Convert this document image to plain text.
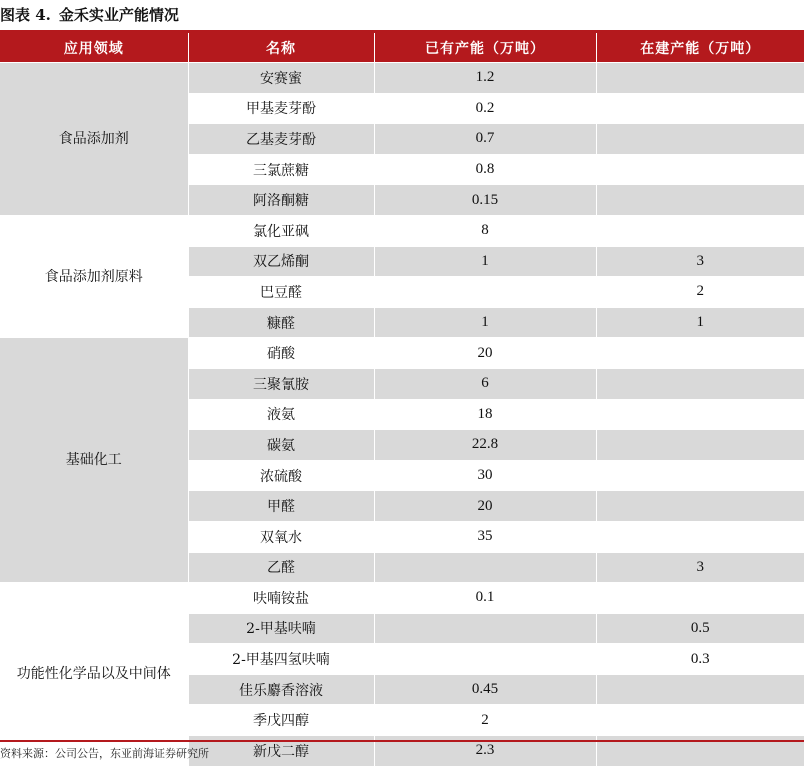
图表 4. 金禾实业产能情况
应用领域	名称	已有产能（万吨）	在建产能（万吨）
食品添加剂	安赛蜜	1.2	
	甲基麦芽酚	0.2	
	乙基麦芽酚	0.7	
	三氯蔗糖	0.8	
	阿洛酮糖	0.15	
食品添加剂原料	氯化亚砜	8	
	双乙烯酮	1	3
	巴豆醛		2
	糠醛	1	1
基础化工	硝酸	20	
	三聚氰胺	6	
	液氨	18	
	碳氨	22.8	
	浓硫酸	30	
	甲醛	20	
	双氧水	35	
	乙醛		3
功能性化学品以及中间体	呋喃铵盐	0.1	
	2-甲基呋喃		0.5
	2-甲基四氢呋喃		0.3
	佳乐麝香溶液	0.45	
	季戊四醇	2	
	新戊二醇	2.3	
资料来源：公司公告，东亚前海证券研究所
